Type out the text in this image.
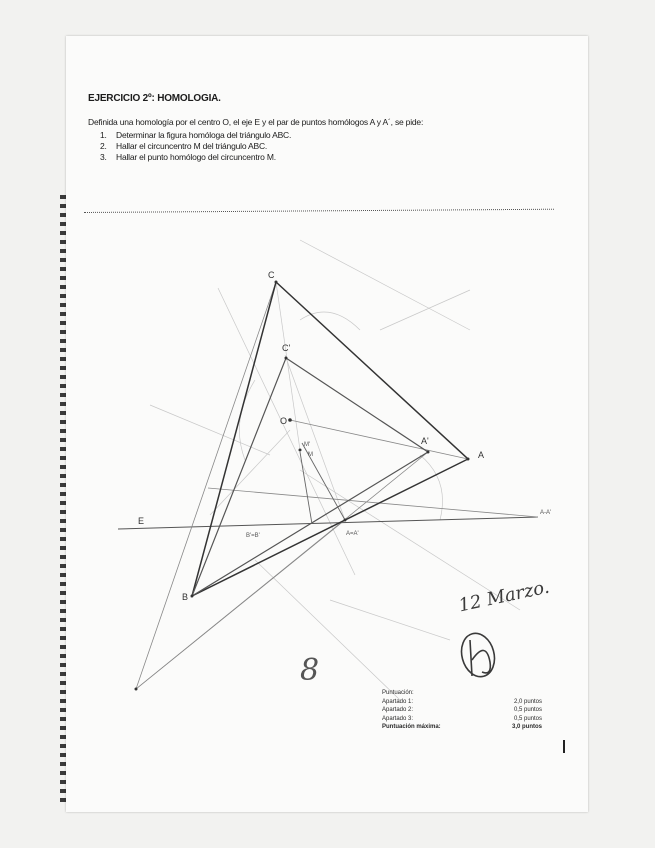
EJERCICIO 2º: HOMOLOGIA.
Definida una homología por el centro O, el eje E y el par de puntos homólogos A y A´, se pide:
1. Determinar la figura homóloga del triángulo ABC.
2. Hallar el circuncentro M del triángulo ABC.
3. Hallar el punto homólogo del circuncentro M.
C
C'
O
A'
A
E
B
M
M'
B'=B'	A=A'
A-A'
8
12 Marzo.
Puntuación:
Apartado 1:	2,0 puntos
Apartado 2:	0,5 puntos
Apartado 3:	0,5 puntos
Puntuación máxima:	3,0 puntos
